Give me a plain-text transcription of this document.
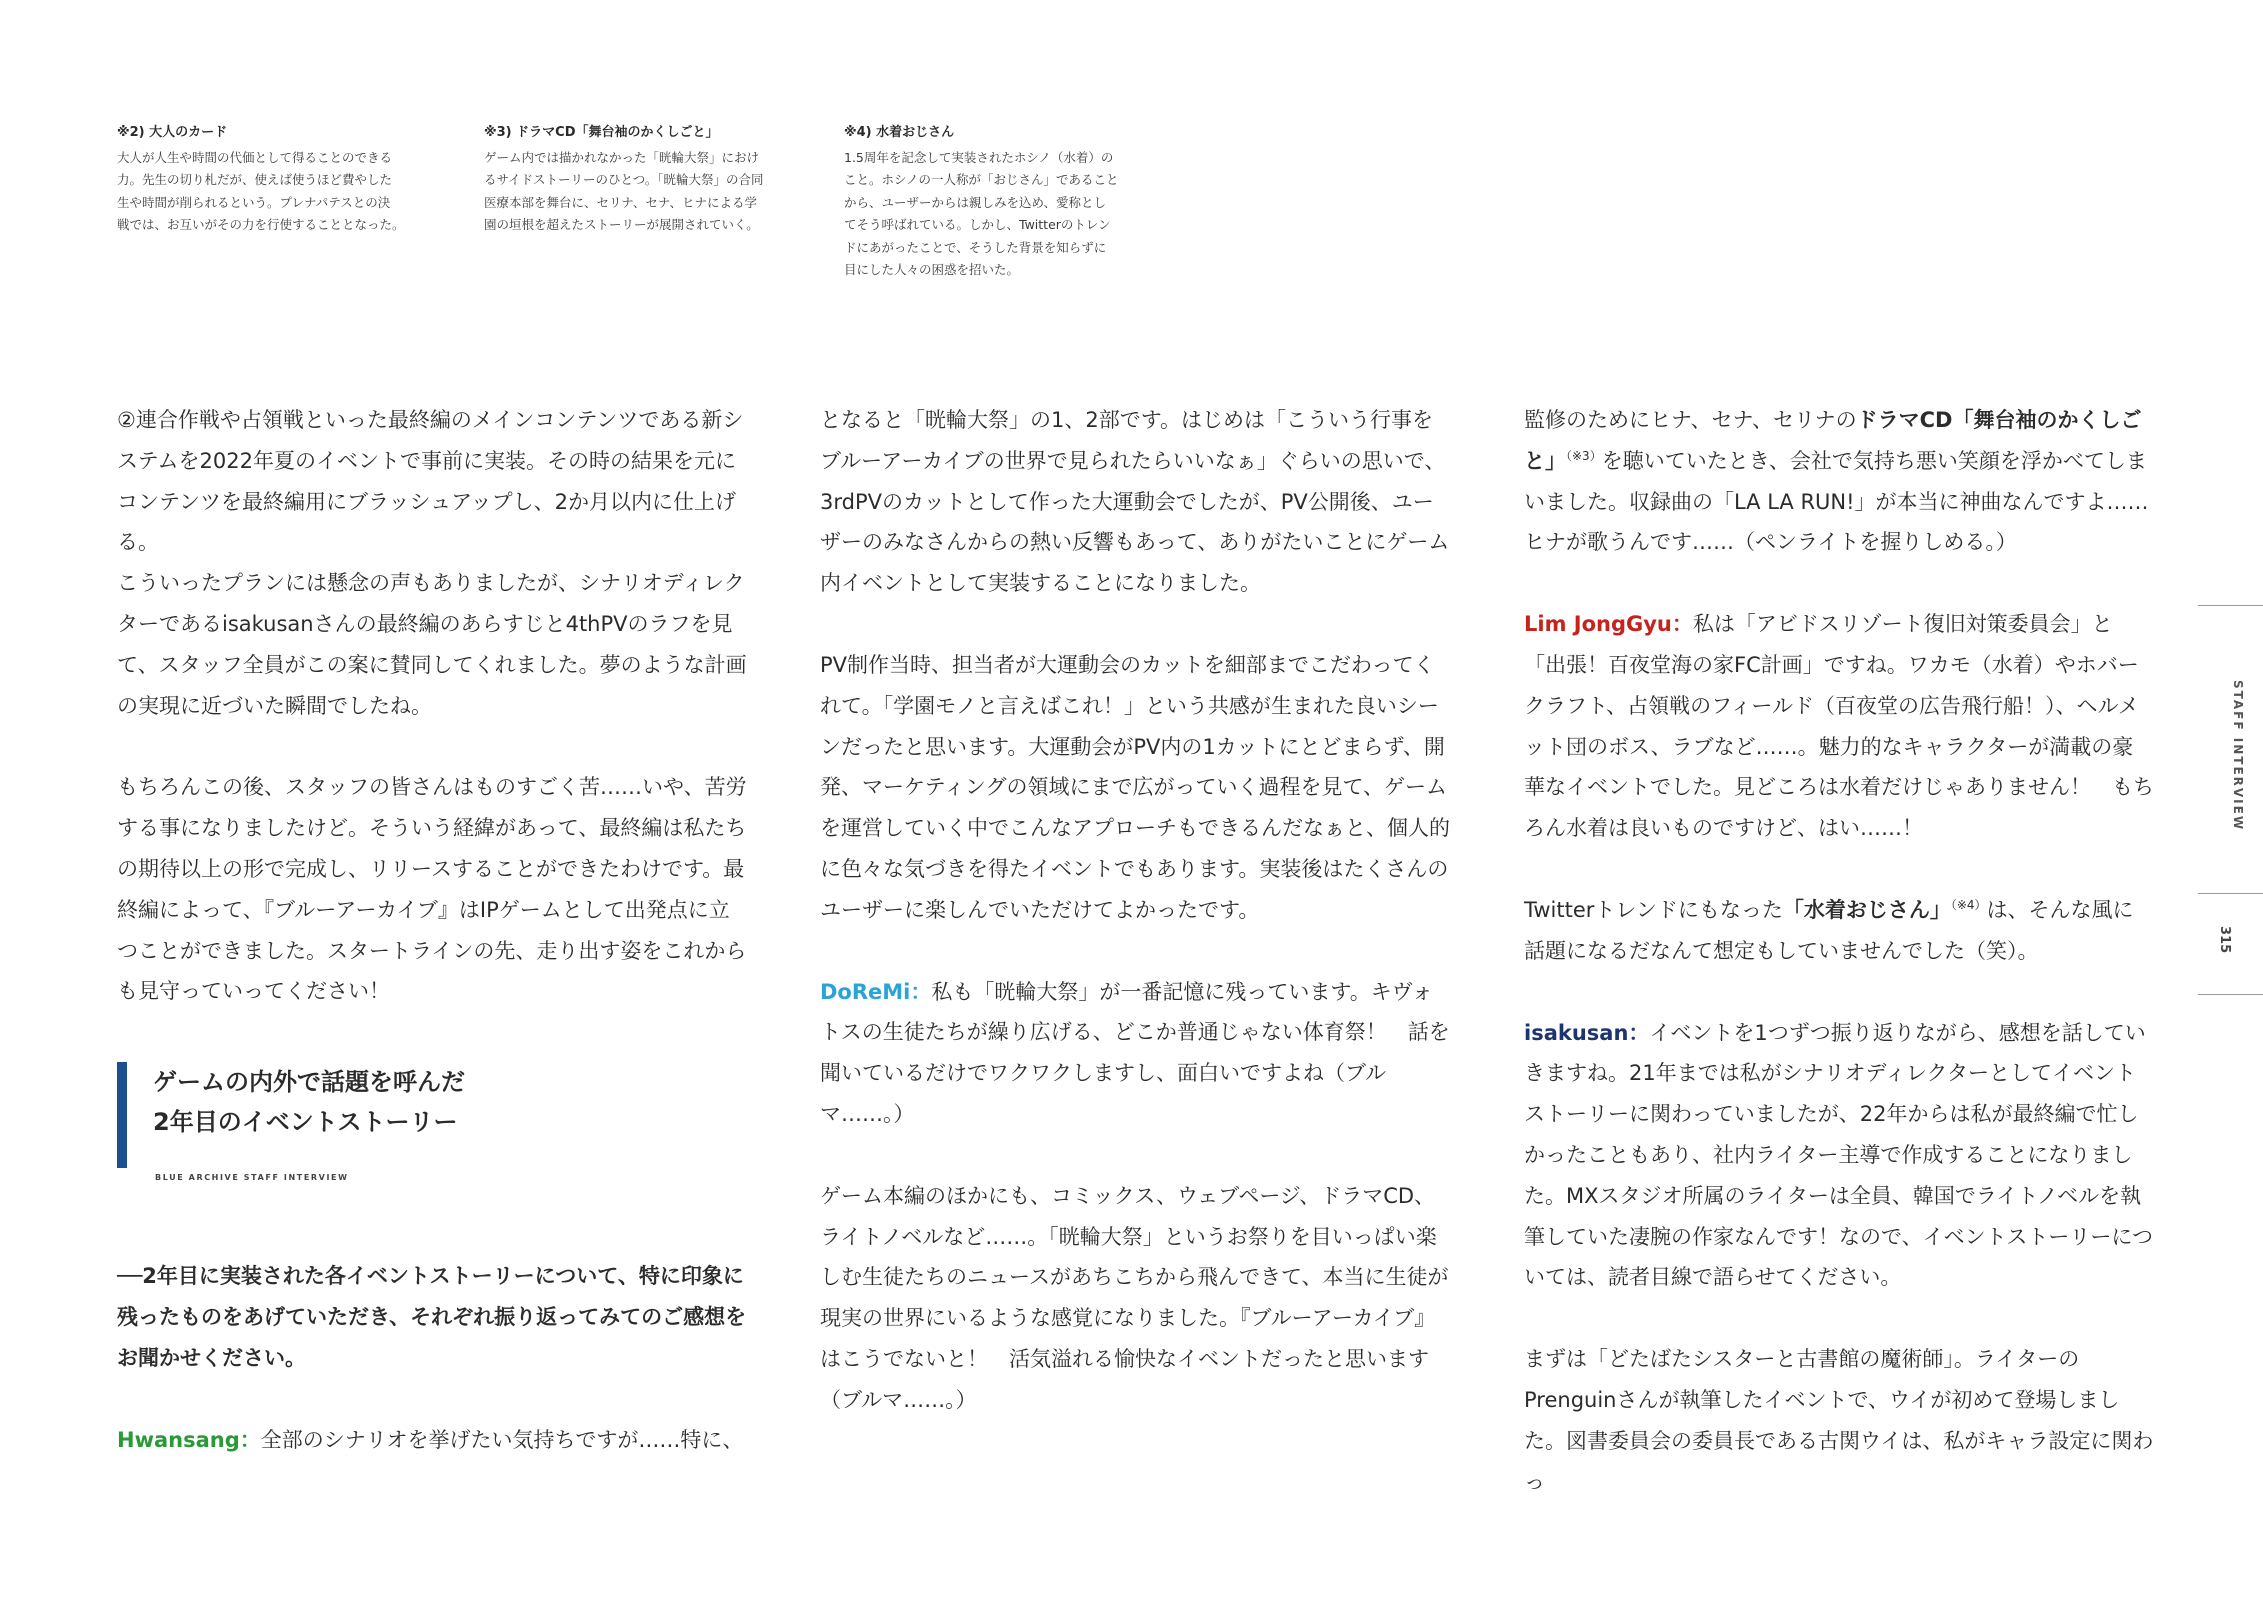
※2) 大人のカード

大人が人生や時間の代価として得ることのできる

力。先生の切り札だが、使えば使うほど費やした

生や時間が削られるという。プレナパテスとの決

戦では、お互いがその力を行使することとなった。

※3) ドラマCD「舞台袖のかくしごと」

ゲーム内では描かれなかった「晄輪大祭」におけ

るサイドストーリーのひとつ。「晄輪大祭」の合同

医療本部を舞台に、セリナ、セナ、ヒナによる学

園の垣根を超えたストーリーが展開されていく。

※4) 水着おじさん

1.5周年を記念して実装されたホシノ（水着）の

こと。ホシノの一人称が「おじさん」であること

から、ユーザーからは親しみを込め、愛称とし

てそう呼ばれている。しかし、Twitterのトレン

ドにあがったことで、そうした背景を知らずに

目にした人々の困惑を招いた。

②連合作戦や占領戦といった最終編のメインコンテンツである新システムを2022年夏のイベントで事前に実装。その時の結果を元にコンテンツを最終編用にブラッシュアップし、2か月以内に仕上げる。

こういったプランには懸念の声もありましたが、シナリオディレクターであるisakusanさんの最終編のあらすじと4thPVのラフを見て、スタッフ全員がこの案に賛同してくれました。夢のような計画の実現に近づいた瞬間でしたね。

もちろんこの後、スタッフの皆さんはものすごく苦……いや、苦労する事になりましたけど。そういう経緯があって、最終編は私たちの期待以上の形で完成し、リリースすることができたわけです。最終編によって、『ブルーアーカイブ』はIPゲームとして出発点に立つことができました。スタートラインの先、走り出す姿をこれからも見守っていってください！

ゲームの内外で話題を呼んだ
2年目のイベントストーリー
BLUE ARCHIVE STAFF INTERVIEW

──2年目に実装された各イベントストーリーについて、特に印象に残ったものをあげていただき、それぞれ振り返ってみてのご感想をお聞かせください。

Hwansang：全部のシナリオを挙げたい気持ちですが……特に、

となると「晄輪大祭」の1、2部です。はじめは「こういう行事をブルーアーカイブの世界で見られたらいいなぁ」ぐらいの思いで、3rdPVのカットとして作った大運動会でしたが、PV公開後、ユーザーのみなさんからの熱い反響もあって、ありがたいことにゲーム内イベントとして実装することになりました。

PV制作当時、担当者が大運動会のカットを細部までこだわってくれて。「学園モノと言えばこれ！」という共感が生まれた良いシーンだったと思います。大運動会がPV内の1カットにとどまらず、開発、マーケティングの領域にまで広がっていく過程を見て、ゲームを運営していく中でこんなアプローチもできるんだなぁと、個人的に色々な気づきを得たイベントでもあります。実装後はたくさんのユーザーに楽しんでいただけてよかったです。

DoReMi：私も「晄輪大祭」が一番記憶に残っています。キヴォトスの生徒たちが繰り広げる、どこか普通じゃない体育祭！　話を聞いているだけでワクワクしますし、面白いですよね（ブルマ……。）

ゲーム本編のほかにも、コミックス、ウェブページ、ドラマCD、ライトノベルなど……。「晄輪大祭」というお祭りを目いっぱい楽しむ生徒たちのニュースがあちこちから飛んできて、本当に生徒が現実の世界にいるような感覚になりました。『ブルーアーカイブ』はこうでないと！　活気溢れる愉快なイベントだったと思います（ブルマ……。）

監修のためにヒナ、セナ、セリナのドラマCD「舞台袖のかくしごと」$^{(※3)}$を聴いていたとき、会社で気持ち悪い笑顔を浮かべてしまいました。収録曲の「LA LA RUN!」が本当に神曲なんですよ……ヒナが歌うんです……（ペンライトを握りしめる。）

Lim JongGyu：私は「アビドスリゾート復旧対策委員会」と「出張！百夜堂海の家FC計画」ですね。ワカモ（水着）やホバークラフト、占領戦のフィールド（百夜堂の広告飛行船！）、ヘルメット団のボス、ラブなど……。魅力的なキャラクターが満載の豪華なイベントでした。見どころは水着だけじゃありません！　もちろん水着は良いものですけど、はい……！

Twitterトレンドにもなった「水着おじさん」$^{(※4)}$は、そんな風に話題になるだなんて想定もしていませんでした（笑）。

isakusan：イベントを1つずつ振り返りながら、感想を話していきますね。21年までは私がシナリオディレクターとしてイベントストーリーに関わっていましたが、22年からは私が最終編で忙しかったこともあり、社内ライター主導で作成することになりました。MXスタジオ所属のライターは全員、韓国でライトノベルを執筆していた凄腕の作家なんです！なので、イベントストーリーについては、読者目線で語らせてください。

まずは「どたばたシスターと古書館の魔術師」。ライターのPrenguinさんが執筆したイベントで、ウイが初めて登場しました。図書委員会の委員長である古関ウイは、私がキャラ設定に関わっ

STAFF INTERVIEW
315
